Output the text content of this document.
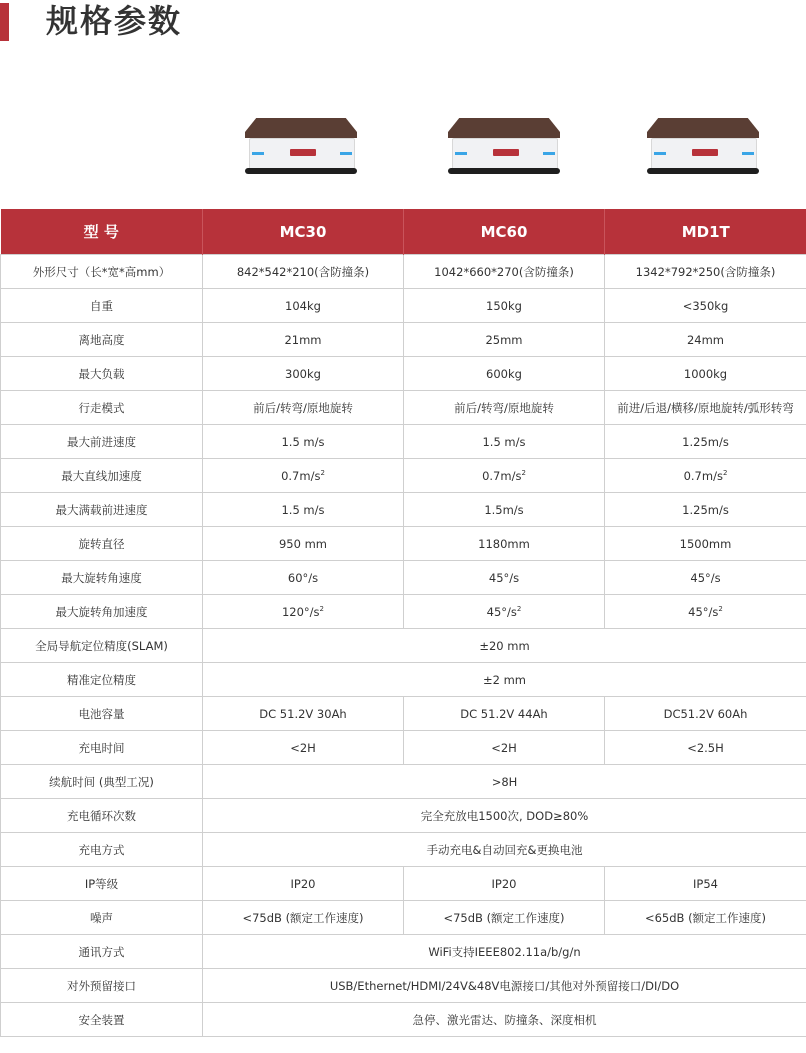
规格参数
型 号	MC30	MC60	MD1T
外形尺寸（长*宽*高mm）	842*542*210(含防撞条)	1042*660*270(含防撞条)	1342*792*250(含防撞条)
自重	104kg	150kg	<350kg
离地高度	21mm	25mm	24mm
最大负载	300kg	600kg	1000kg
行走模式	前后/转弯/原地旋转	前后/转弯/原地旋转	前进/后退/横移/原地旋转/弧形转弯
最大前进速度	1.5 m/s	1.5 m/s	1.25m/s
最大直线加速度	$0.7m/s^2$	$0.7m/s^2$	$0.7m/s^2$
最大满载前进速度	1.5 m/s	1.5m/s	1.25m/s
旋转直径	950 mm	1180mm	1500mm
最大旋转角速度	60°/s	45°/s	45°/s
最大旋转角加速度	$120^\circ/s^2$	$45^\circ/s^2$	$45^\circ/s^2$
全局导航定位精度(SLAM)	±20 mm		
精准定位精度	±2 mm		
电池容量	DC 51.2V 30Ah	DC 51.2V 44Ah	DC51.2V 60Ah
充电时间	<2H	<2H	<2.5H
续航时间 (典型工况)	>8H		
充电循环次数	完全充放电1500次, DOD≥80%		
充电方式	手动充电&自动回充&更换电池		
IP等级	IP20	IP20	IP54
噪声	<75dB (额定工作速度)	<75dB (额定工作速度)	<65dB (额定工作速度)
通讯方式	WiFi支持IEEE802.11a/b/g/n		
对外预留接口	USB/Ethernet/HDMI/24V&48V电源接口/其他对外预留接口/DI/DO		
安全装置	急停、激光雷达、防撞条、深度相机		
